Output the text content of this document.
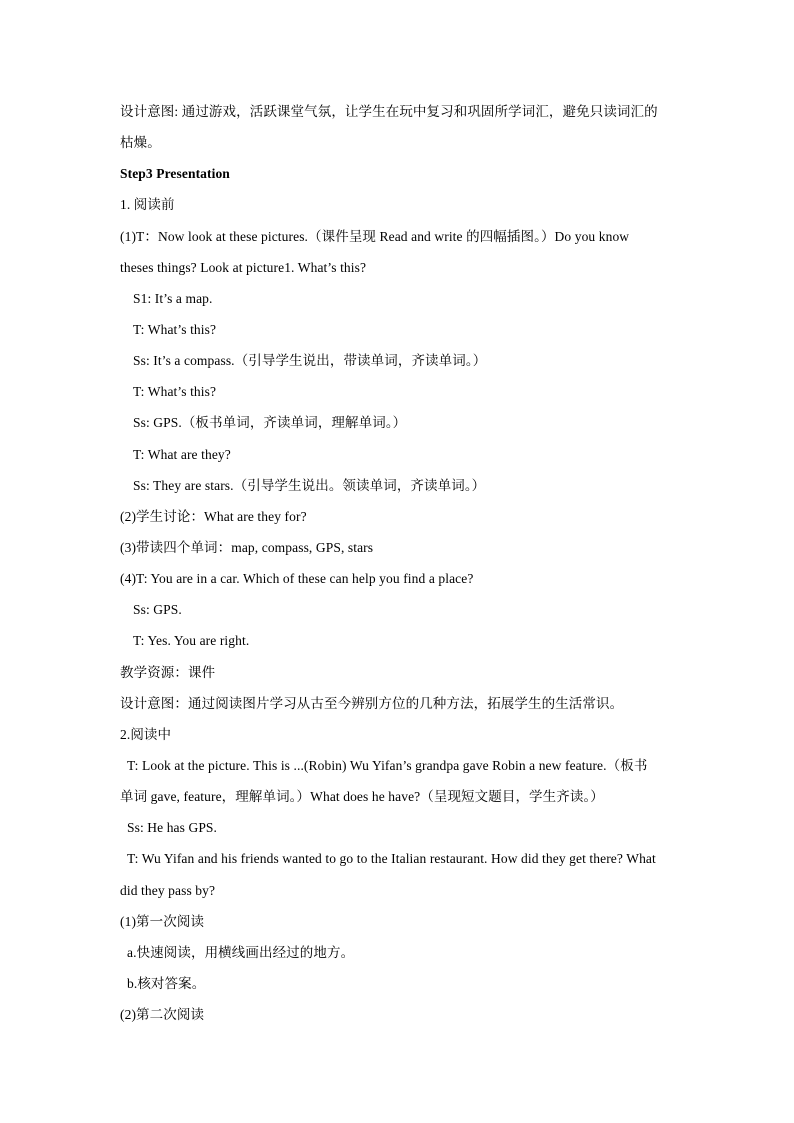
设计意图: 通过游戏，活跃课堂气氛，让学生在玩中复习和巩固所学词汇，避免只读词汇的
枯燥。
Step3 Presentation
1. 阅读前
(1)T：Now look at these pictures.（课件呈现 Read and write 的四幅插图。）Do you know
theses things? Look at picture1. What’s this?
S1: It’s a map.
T: What’s this?
Ss: It’s a compass.（引导学生说出，带读单词，齐读单词。）
T: What’s this?
Ss: GPS.（板书单词，齐读单词，理解单词。）
T: What are they?
Ss: They are stars.（引导学生说出。领读单词，齐读单词。）
(2)学生讨论：What are they for?
(3)带读四个单词：map, compass, GPS, stars
(4)T: You are in a car. Which of these can help you find a place?
Ss: GPS.
T: Yes. You are right.
教学资源：课件
设计意图：通过阅读图片学习从古至今辨别方位的几种方法，拓展学生的生活常识。
2.阅读中
T: Look at the picture. This is ...(Robin) Wu Yifan’s grandpa gave Robin a new feature.（板书
单词 gave, feature，理解单词。）What does he have?（呈现短文题目，学生齐读。）
Ss: He has GPS.
T: Wu Yifan and his friends wanted to go to the Italian restaurant. How did they get there? What
did they pass by?
(1)第一次阅读
a.快速阅读，用横线画出经过的地方。
b.核对答案。
(2)第二次阅读
